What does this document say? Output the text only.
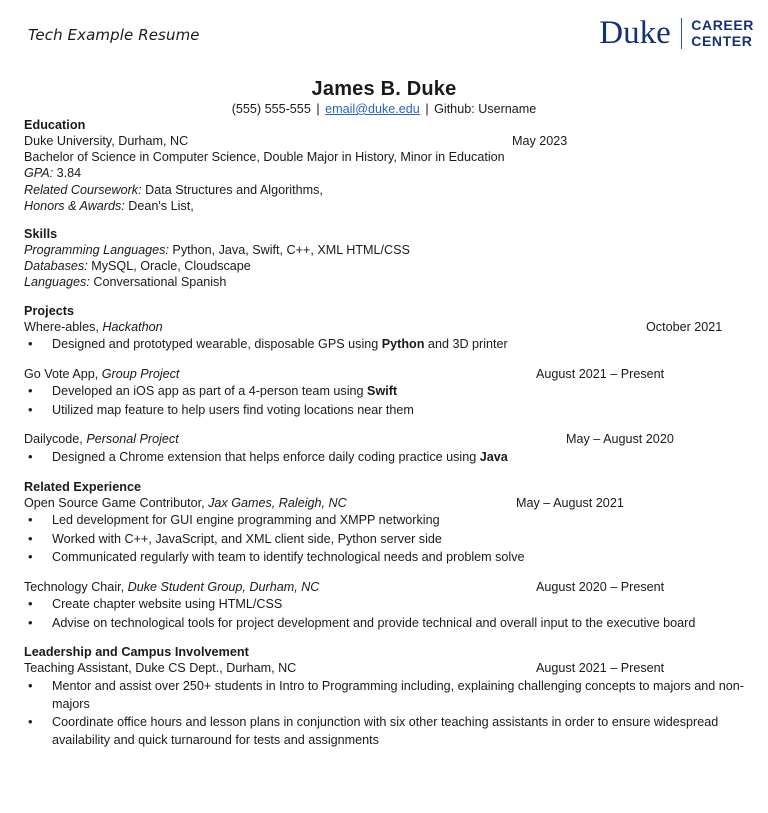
Tech Example Resume	Duke CAREER
CENTER
James B. Duke
(555) 555-555 | email@duke.edu | Github: Username
Education
Duke University, Durham, NC	May 2023
Bachelor of Science in Computer Science, Double Major in History, Minor in Education
GPA: 3.84
Related Coursework: Data Structures and Algorithms,
Honors & Awards: Dean's List,
Skills
Programming Languages: Python, Java, Swift, C++, XML HTML/CSS
Databases: MySQL, Oracle, Cloudscape
Languages: Conversational Spanish
Projects
Where-ables, Hackathon	October 2021
• Designed and prototyped wearable, disposable GPS using Python and 3D printer
Go Vote App, Group Project	August 2021 – Present
• Developed an iOS app as part of a 4-person team using Swift
• Utilized map feature to help users find voting locations near them
Dailycode, Personal Project	May – August 2020
• Designed a Chrome extension that helps enforce daily coding practice using Java
Related Experience
Open Source Game Contributor, Jax Games, Raleigh, NC	May – August 2021
• Led development for GUI engine programming and XMPP networking
• Worked with C++, JavaScript, and XML client side, Python server side
• Communicated regularly with team to identify technological needs and problem solve
Technology Chair, Duke Student Group, Durham, NC	August 2020 – Present
• Create chapter website using HTML/CSS
• Advise on technological tools for project development and provide technical and overall input to the executive board
Leadership and Campus Involvement
Teaching Assistant, Duke CS Dept., Durham, NC	August 2021 – Present
• Mentor and assist over 250+ students in Intro to Programming including, explaining challenging concepts to majors and non-majors
• Coordinate office hours and lesson plans in conjunction with six other teaching assistants in order to ensure widespread availability and quick turnaround for tests and assignments
